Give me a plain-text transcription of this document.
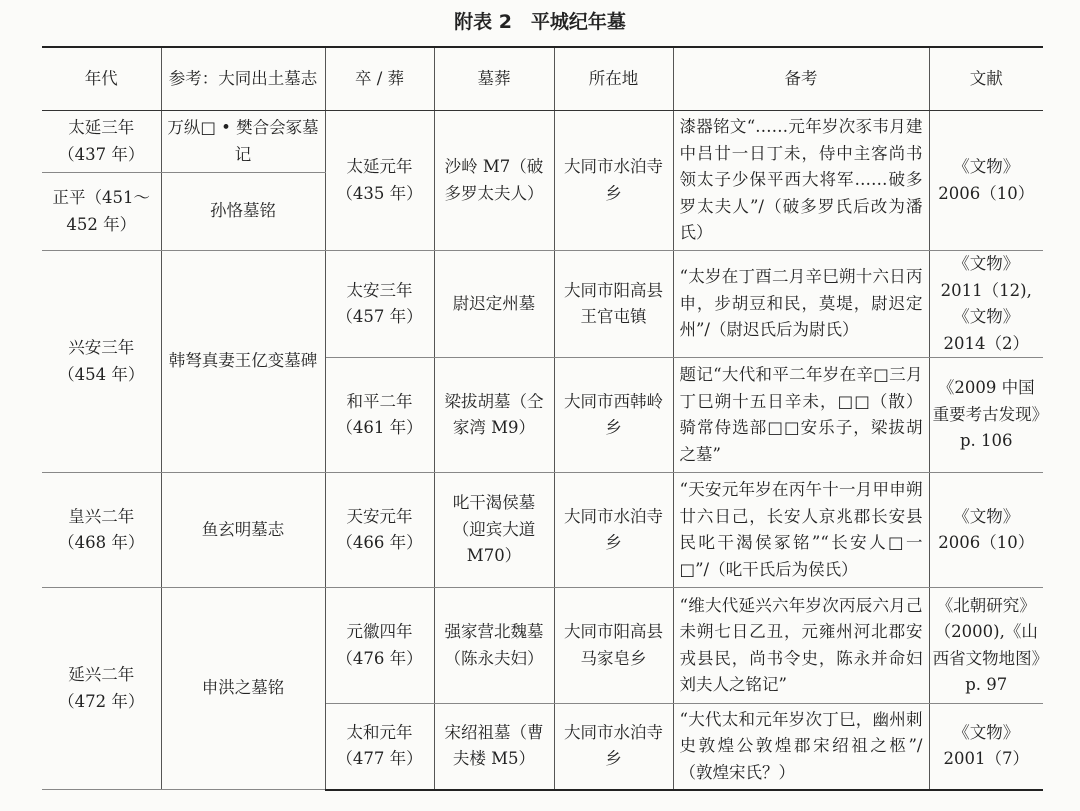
附表 2　平城纪年墓
年代	参考：大同出土墓志	卒 / 葬	墓葬	所在地	备考	文献
太延三年（437 年）	万纵□ • 樊合会冢墓记	太延元年（435 年）	沙岭 M7（破多罗太夫人）	大同市水泊寺乡	漆器铭文“……元年岁次豕韦月建中吕廿一日丁未，侍中主客尚书领太子少保平西大将军……破多罗太夫人”/（破多罗氏后改为潘氏）	《文物》2006（10）
正平（451～452 年）	孙恪墓铭					
兴安三年（454 年）	韩弩真妻王亿变墓碑	太安三年（457 年）	尉迟定州墓	大同市阳高县王官屯镇	“太岁在丁酉二月辛巳朔十六日丙申，步胡豆和民，莫堤，尉迟定州”/（尉迟氏后为尉氏）	《文物》2011（12),《文物》2014（2）
		和平二年（461 年）	梁拔胡墓（仝家湾 M9）	大同市西韩岭乡	题记“大代和平二年岁在辛□三月丁巳朔十五日辛未，□□（散）骑常侍选部□□安乐子，梁拔胡之墓”	《2009 中国重要考古发现》p. 106
皇兴二年（468 年）	鱼玄明墓志	天安元年（466 年）	叱干渴侯墓（迎宾大道 M70）	大同市水泊寺乡	“天安元年岁在丙午十一月甲申朔廿六日己，长安人京兆郡长安县民叱干渴侯冢铭”“长安人□一□”/（叱干氏后为侯氏）	《文物》2006（10）
延兴二年（472 年）	申洪之墓铭	元徽四年（476 年）	强家营北魏墓（陈永夫妇）	大同市阳高县马家皂乡	“维大代延兴六年岁次丙辰六月己未朔七日乙丑，元雍州河北郡安戎县民，尚书令史，陈永并命妇刘夫人之铭记”	《北朝研究》（2000),《山西省文物地图》p. 97
		太和元年（477 年）	宋绍祖墓（曹夫楼 M5）	大同市水泊寺乡	“大代太和元年岁次丁巳，幽州刺史敦煌公敦煌郡宋绍祖之柩”/（敦煌宋氏？）	《文物》2001（7）
